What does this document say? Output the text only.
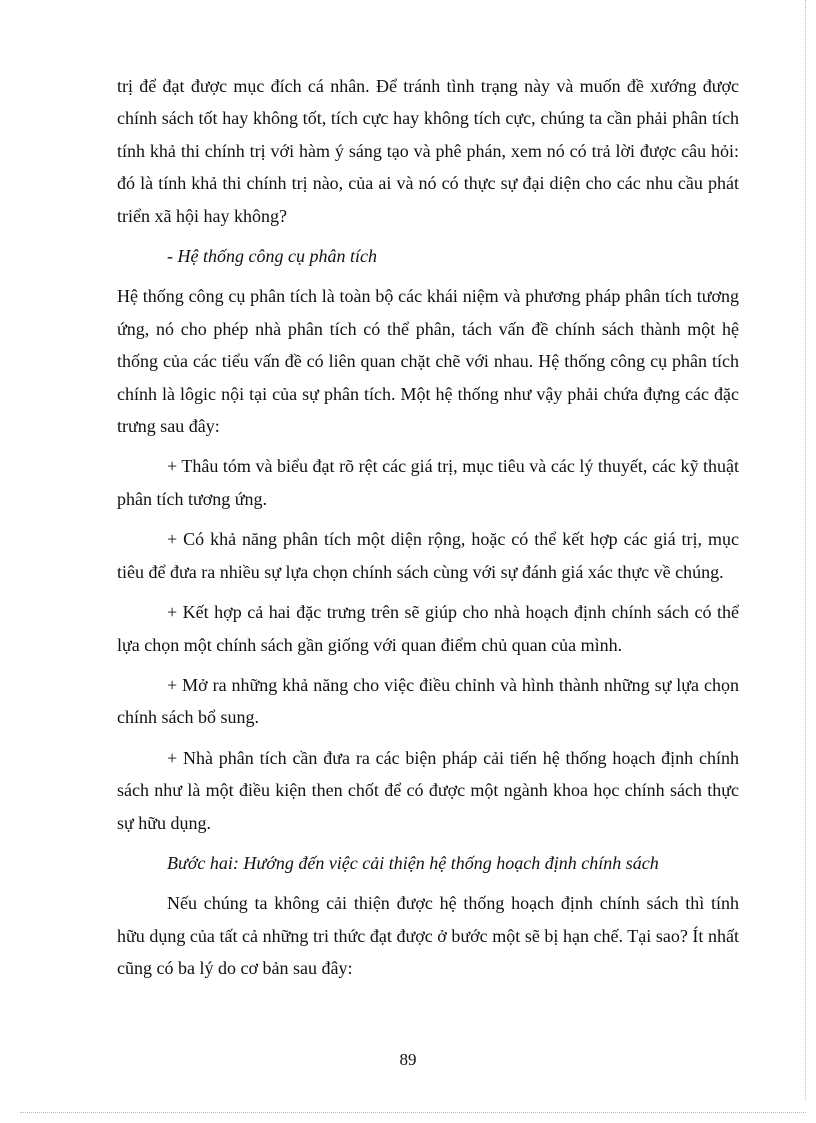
trị để đạt được mục đích cá nhân. Để tránh tình trạng này và muốn đề xướng được chính sách tốt hay không tốt, tích cực hay không tích cực, chúng ta cần phải phân tích tính khả thi chính trị với hàm ý sáng tạo và phê phán, xem nó có trả lời được câu hỏi: đó là tính khả thi chính trị nào, của ai và nó có thực sự đại diện cho các nhu cầu phát triển xã hội hay không?

- Hệ thống công cụ phân tích

Hệ thống công cụ phân tích là toàn bộ các khái niệm và phương pháp phân tích tương ứng, nó cho phép nhà phân tích có thể phân, tách vấn đề chính sách thành một hệ thống của các tiểu vấn đề có liên quan chặt chẽ với nhau. Hệ thống công cụ phân tích chính là lôgic nội tại của sự phân tích. Một hệ thống như vậy phải chứa đựng các đặc trưng sau đây:

+ Thâu tóm và biểu đạt rõ rệt các giá trị, mục tiêu và các lý thuyết, các kỹ thuật phân tích tương ứng.

+ Có khả năng phân tích một diện rộng, hoặc có thể kết hợp các giá trị, mục tiêu để đưa ra nhiều sự lựa chọn chính sách cùng với sự đánh giá xác thực về chúng.

+ Kết hợp cả hai đặc trưng trên sẽ giúp cho nhà hoạch định chính sách có thể lựa chọn một chính sách gần giống với quan điểm chủ quan của mình.

+ Mở ra những khả năng cho việc điều chỉnh và hình thành những sự lựa chọn chính sách bổ sung.

+ Nhà phân tích cần đưa ra các biện pháp cải tiến hệ thống hoạch định chính sách như là một điều kiện then chốt để có được một ngành khoa học chính sách thực sự hữu dụng.

Bước hai: Hướng đến việc cải thiện hệ thống hoạch định chính sách

Nếu chúng ta không cải thiện được hệ thống hoạch định chính sách thì tính hữu dụng của tất cả những tri thức đạt được ở bước một sẽ bị hạn chế. Tại sao? Ít nhất cũng có ba lý do cơ bản sau đây:

89
